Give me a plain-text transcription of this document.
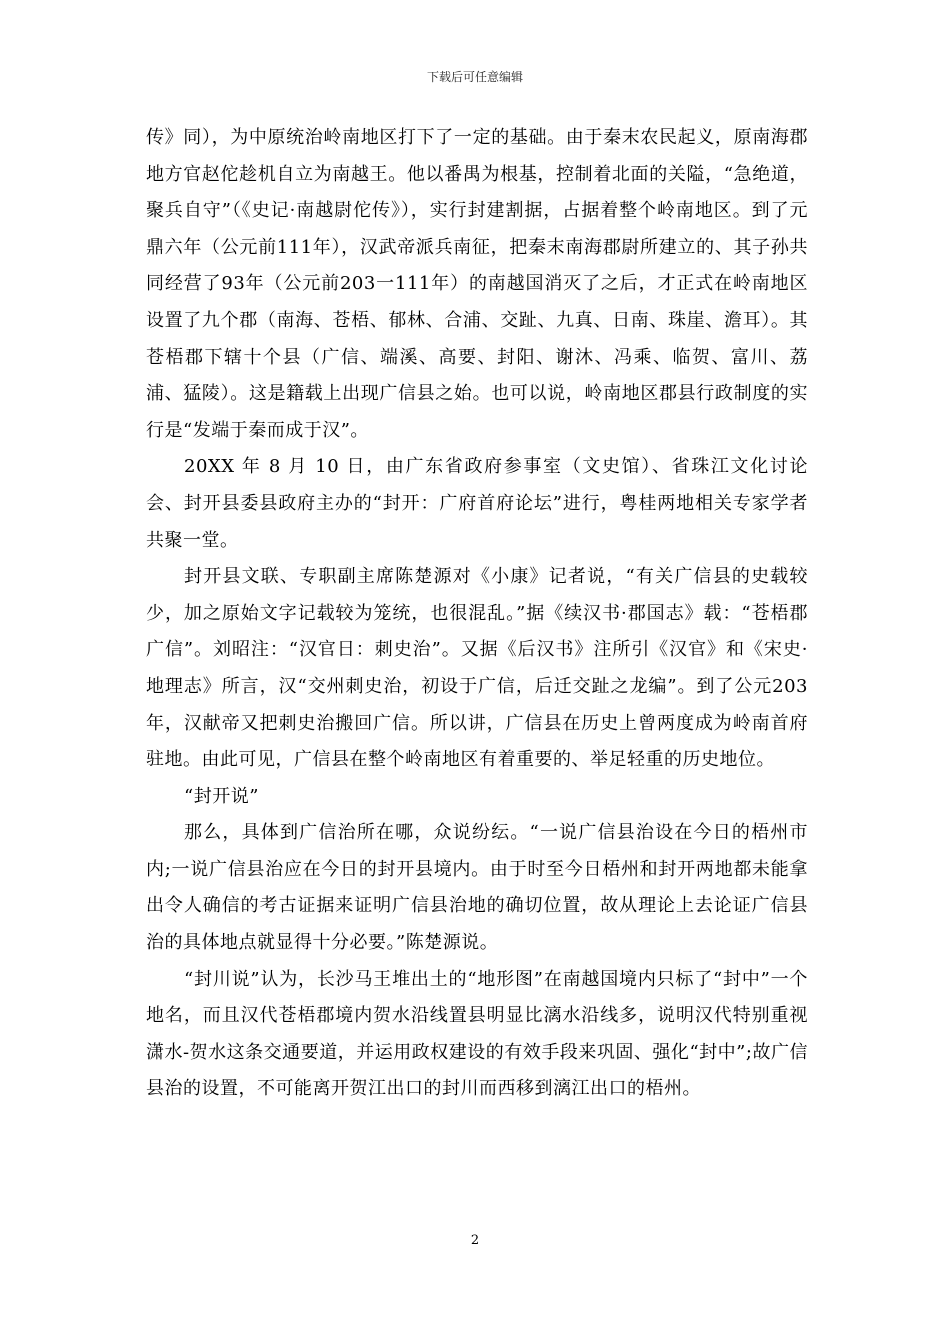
下载后可任意编辑

传》同），为中原统治岭南地区打下了一定的基础。由于秦末农民起义，原南海郡地方官赵佗趁机自立为南越王。他以番禺为根基，控制着北面的关隘，“急绝道，聚兵自守”（《史记·南越尉佗传》），实行封建割据，占据着整个岭南地区。到了元鼎六年（公元前111年），汉武帝派兵南征，把秦末南海郡尉所建立的、其子孙共同经营了93年（公元前203一111年）的南越国消灭了之后，才正式在岭南地区设置了九个郡（南海、苍梧、郁林、合浦、交趾、九真、日南、珠崖、澹耳）。其苍梧郡下辖十个县（广信、端溪、高要、封阳、谢沐、冯乘、临贺、富川、荔浦、猛陵）。这是籍载上出现广信县之始。也可以说，岭南地区郡县行政制度的实行是“发端于秦而成于汉”。

20XX 年 8 月 10 日，由广东省政府参事室（文史馆）、省珠江文化讨论会、封开县委县政府主办的“封开：广府首府论坛”进行，粤桂两地相关专家学者共聚一堂。

封开县文联、专职副主席陈楚源对《小康》记者说，“有关广信县的史载较少，加之原始文字记载较为笼统，也很混乱。”据《续汉书·郡国志》载：“苍梧郡广信”。刘昭注：“汉官日：刺史治”。又据《后汉书》注所引《汉官》和《宋史·地理志》所言，汉“交州刺史治，初设于广信，后迁交趾之龙编”。到了公元203年，汉献帝又把刺史治搬回广信。所以讲，广信县在历史上曾两度成为岭南首府驻地。由此可见，广信县在整个岭南地区有着重要的、举足轻重的历史地位。

“封开说”

那么，具体到广信治所在哪，众说纷纭。“一说广信县治设在今日的梧州市内;一说广信县治应在今日的封开县境内。由于时至今日梧州和封开两地都未能拿出令人确信的考古证据来证明广信县治地的确切位置，故从理论上去论证广信县治的具体地点就显得十分必要。”陈楚源说。

“封川说”认为，长沙马王堆出土的“地形图”在南越国境内只标了“封中”一个地名，而且汉代苍梧郡境内贺水沿线置县明显比漓水沿线多，说明汉代特别重视潇水-贺水这条交通要道，并运用政权建设的有效手段来巩固、强化“封中”;故广信县治的设置，不可能离开贺江出口的封川而西移到漓江出口的梧州。

2
